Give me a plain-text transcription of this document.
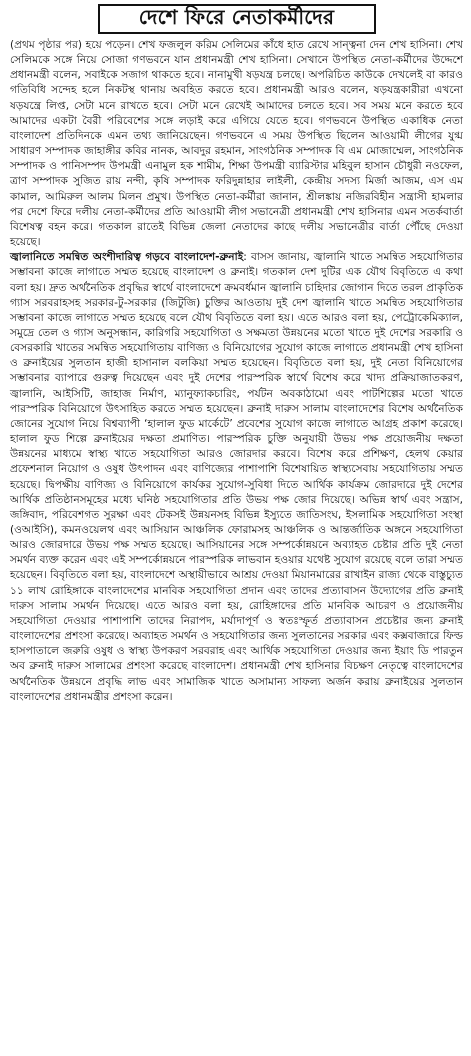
দেশে ফিরে নেতাকর্মীদের

(প্রথম পৃষ্ঠার পর) হয়ে পড়েন। শেখ ফজলুল করিম সেলিমের কাঁধে হাত রেখে সান্ত্বনা দেন শেখ হাসিনা। শেখ সেলিমকে সঙ্গে নিয়ে সোজা গণভবনে যান প্রধানমন্ত্রী শেখ হাসিনা। সেখানে উপস্থিত নেতা-কর্মীদের উদ্দেশে প্রধানমন্ত্রী বলেন, সবাইকে সজাগ থাকতে হবে। নানামুখী ষড়যন্ত্র চলছে। অপরিচিত কাউকে দেখলেই বা কারও গতিবিধি সন্দেহ হলে নিকটস্থ থানায় অবহিত করতে হবে। প্রধানমন্ত্রী আরও বলেন, ষড়যন্ত্রকারীরা এখনো ষড়যন্ত্রে লিপ্ত, সেটা মনে রাখতে হবে। সেটা মনে রেখেই আমাদের চলতে হবে। সব সময় মনে করতে হবে আমাদের একটা বৈরী পরিবেশের সঙ্গে লড়াই করে এগিয়ে যেতে হবে। গণভবনে উপস্থিত একাধিক নেতা বাংলাদেশ প্রতিদিনকে এমন তথ্য জানিয়েছেন। গণভবনে এ সময় উপস্থিত ছিলেন আওয়ামী লীগের যুগ্ম সাধারণ সম্পাদক জাহাঙ্গীর কবির নানক, আবদুর রহমান, সাংগঠনিক সম্পাদক বি এম মোজাম্মেল, সাংগঠনিক সম্পাদক ও পানিসম্পদ উপমন্ত্রী এনামুল হক শামীম, শিক্ষা উপমন্ত্রী ব্যারিস্টার মহিবুল হাসান চৌধুরী নওফেল, ত্রাণ সম্পাদক সুজিত রায় নন্দী, কৃষি সম্পাদক ফরিদুন্নাহার লাইলী, কেন্দ্রীয় সদস্য মির্জা আজম, এস এম কামাল, আমিরুল আলম মিলন প্রমুখ। উপস্থিত নেতা-কর্মীরা জানান, শ্রীলঙ্কায় নজিরবিহীন সন্ত্রাসী হামলার পর দেশে ফিরে দলীয় নেতা-কর্মীদের প্রতি আওয়ামী লীগ সভানেত্রী প্রধানমন্ত্রী শেখ হাসিনার এমন সতর্কবার্তা বিশেষত্ব বহন করে। গতকাল রাতেই বিভিন্ন জেলা নেতাদের কাছে দলীয় সভানেত্রীর বার্তা পৌঁছে দেওয়া হয়েছে।

জ্বালানিতে সমন্বিত অংশীদারিত্ব গড়বে বাংলাদেশ-ব্রুনাই: বাসস জানায়, জ্বালানি খাতে সমন্বিত সহযোগিতার সম্ভাবনা কাজে লাগাতে সম্মত হয়েছে বাংলাদেশ ও ব্রুনাই। গতকাল দেশ দুটির এক যৌথ বিবৃতিতে এ কথা বলা হয়। দ্রুত অর্থনৈতিক প্রবৃদ্ধির স্বার্থে বাংলাদেশে ক্রমবর্ধমান জ্বালানি চাহিদার জোগান দিতে তরল প্রাকৃতিক গ্যাস সরবরাহসহ সরকার-টু-সরকার (জিটুজি) চুক্তির আওতায় দুই দেশ জ্বালানি খাতে সমন্বিত সহযোগিতার সম্ভাবনা কাজে লাগাতে সম্মত হয়েছে বলে যৌথ বিবৃতিতে বলা হয়। এতে আরও বলা হয়, পেট্রোকেমিক্যাল, সমুদ্রে তেল ও গ্যাস অনুসন্ধান, কারিগরি সহযোগিতা ও সক্ষমতা উন্নয়নের মতো খাতে দুই দেশের সরকারি ও বেসরকারি খাতের সমন্বিত সহযোগিতায় বাণিজ্য ও বিনিয়োগের সুযোগ কাজে লাগাতে প্রধানমন্ত্রী শেখ হাসিনা ও ব্রুনাইয়ের সুলতান হাজী হাসানাল বলকিয়া সম্মত হয়েছেন। বিবৃতিতে বলা হয়, দুই নেতা বিনিয়োগের সম্ভাবনার ব্যাপারে গুরুত্ব দিয়েছেন এবং দুই দেশের পারস্পরিক স্বার্থে বিশেষ করে খাদ্য প্রক্রিয়াজাতকরণ, জ্বালানি, আইসিটি, জাহাজ নির্মাণ, ম্যানুফ্যাকচারিং, পর্যটন অবকাঠামো এবং পাটশিল্পের মতো খাতে পারস্পরিক বিনিয়োগে উৎসাহিত করতে সম্মত হয়েছেন। ব্রুনাই দারুস সালাম বাংলাদেশের বিশেষ অর্থনৈতিক জোনের সুযোগ নিয়ে বিশ্বব্যাপী ‘হালাল ফুড মার্কেটে’ প্রবেশের সুযোগ কাজে লাগাতে আগ্রহ প্রকাশ করেছে। হালাল ফুড শিল্পে ব্রুনাইয়ের দক্ষতা প্রমাণিত। পারস্পরিক চুক্তি অনুযায়ী উভয় পক্ষ প্রয়োজনীয় দক্ষতা উন্নয়নের মাধ্যমে স্বাস্থ্য খাতে সহযোগিতা আরও জোরদার করবে। বিশেষ করে প্রশিক্ষণ, হেলথ কেয়ার প্রফেশনাল নিয়োগ ও ওষুধ উৎপাদন এবং বাণিজ্যের পাশাপাশি বিশেষায়িত স্বাস্থ্যসেবায় সহযোগিতায় সম্মত হয়েছে। দ্বিপক্ষীয় বাণিজ্য ও বিনিয়োগে কার্যকর সুযোগ-সুবিধা দিতে আর্থিক কার্যক্রম জোরদারে দুই দেশের আর্থিক প্রতিষ্ঠানসমূহের মধ্যে ঘনিষ্ঠ সহযোগিতার প্রতি উভয় পক্ষ জোর দিয়েছে। অভিন্ন স্বার্থ এবং সন্ত্রাস, জঙ্গিবাদ, পরিবেশগত সুরক্ষা এবং টেকসই উন্নয়নসহ বিভিন্ন ইস্যুতে জাতিসংঘ, ইসলামিক সহযোগিতা সংস্থা (ওআইসি), কমনওয়েলথ এবং আসিয়ান আঞ্চলিক ফোরামসহ আঞ্চলিক ও আন্তর্জাতিক অঙ্গনে সহযোগিতা আরও জোরদারে উভয় পক্ষ সম্মত হয়েছে। আসিয়ানের সঙ্গে সম্পর্কোন্নয়নে অব্যাহত চেষ্টার প্রতি দুই নেতা সমর্থন ব্যক্ত করেন এবং এই সম্পর্কোন্নয়নে পারস্পরিক লাভবান হওয়ার যথেষ্ট সুযোগ রয়েছে বলে তারা সম্মত হয়েছেন। বিবৃতিতে বলা হয়, বাংলাদেশে অস্থায়ীভাবে আশ্রয় দেওয়া মিয়ানমারের রাখাইন রাজ্য থেকে বাস্তুচ্যুত ১১ লাখ রোহিঙ্গাকে বাংলাদেশের মানবিক সহযোগিতা প্রদান এবং তাদের প্রত্যাবাসন উদ্যোগের প্রতি ব্রুনাই দারুস সালাম সমর্থন দিয়েছে। এতে আরও বলা হয়, রোহিঙ্গাদের প্রতি মানবিক আচরণ ও প্রয়োজনীয় সহযোগিতা দেওয়ার পাশাপাশি তাদের নিরাপদ, মর্যাদাপূর্ণ ও স্বতঃস্ফূর্ত প্রত্যাবাসন প্রচেষ্টার জন্য ব্রুনাই বাংলাদেশের প্রশংসা করেছে। অব্যাহত সমর্থন ও সহযোগিতার জন্য সুলতানের সরকার এবং কক্সবাজারে ফিল্ড হাসপাতালে জরুরি ওষুধ ও স্বাস্থ্য উপকরণ সরবরাহ এবং আর্থিক সহযোগিতা দেওয়ার জন্য ইয়াং ডি পারতুন অব ব্রুনাই দারুস সালামের প্রশংসা করেছে বাংলাদেশ। প্রধানমন্ত্রী শেখ হাসিনার বিচক্ষণ নেতৃত্বে বাংলাদেশের অর্থনৈতিক উন্নয়নে প্রবৃদ্ধি লাভ এবং সামাজিক খাতে অসামান্য সাফল্য অর্জন করায় ব্রুনাইয়ের সুলতান বাংলাদেশের প্রধানমন্ত্রীর প্রশংসা করেন।
